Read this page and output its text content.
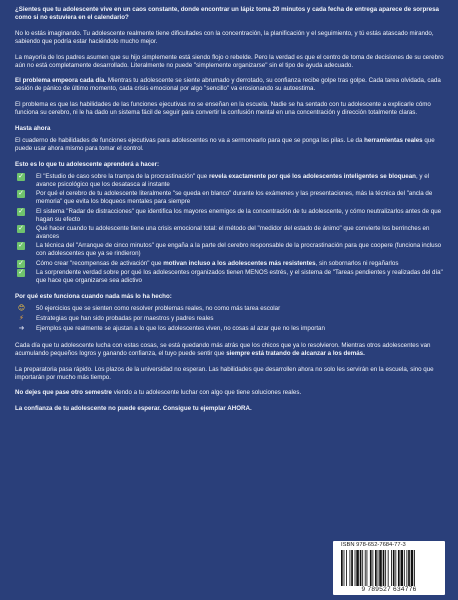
¿Sientes que tu adolescente vive en un caos constante, donde encontrar un lápiz toma 20 minutos y cada fecha de entrega aparece de sorpresa como si no estuviera en el calendario?

No lo estás imaginando. Tu adolescente realmente tiene dificultades con la concentración, la planificación y el seguimiento, y tú estás atascado mirando, sabiendo que podría estar haciéndolo mucho mejor.

La mayoría de los padres asumen que su hijo simplemente está siendo flojo o rebelde. Pero la verdad es que el centro de toma de decisiones de su cerebro aún no está completamente desarrollado. Literalmente no puede "simplemente organizarse" sin el tipo de ayuda adecuado.

El problema empeora cada día. Mientras tu adolescente se siente abrumado y derrotado, su confianza recibe golpe tras golpe. Cada tarea olvidada, cada sesión de pánico de último momento, cada crisis emocional por algo "sencillo" va erosionando su autoestima.

El problema es que las habilidades de las funciones ejecutivas no se enseñan en la escuela. Nadie se ha sentado con tu adolescente a explicarle cómo funciona su cerebro, ni le ha dado un sistema fácil de seguir para convertir la confusión mental en una concentración y dirección totalmente claras.

Hasta ahora

El cuaderno de habilidades de funciones ejecutivas para adolescentes no va a sermonearlo para que se ponga las pilas. Le da herramientas reales que puede usar ahora mismo para tomar el control.

Esto es lo que tu adolescente aprenderá a hacer:

✓ El "Estudio de caso sobre la trampa de la procrastinación" que revela exactamente por qué los adolescentes inteligentes se bloquean, y el avance psicológico que los desatasca al instante
✓ Por qué el cerebro de tu adolescente literalmente "se queda en blanco" durante los exámenes y las presentaciones, más la técnica del "ancla de memoria" que evita los bloqueos mentales para siempre
✓ El sistema "Radar de distracciones" que identifica los mayores enemigos de la concentración de tu adolescente, y cómo neutralizarlos antes de que hagan su efecto
✓ Qué hacer cuando tu adolescente tiene una crisis emocional total: el método del "medidor del estado de ánimo" que convierte los berrinches en avances
✓ La técnica del "Arranque de cinco minutos" que engaña a la parte del cerebro responsable de la procrastinación para que coopere (funciona incluso con adolescentes que ya se rindieron)
✓ Cómo crear "recompensas de activación" que motivan incluso a los adolescentes más resistentes, sin sobornarlos ni regañarlos
✓ La sorprendente verdad sobre por qué los adolescentes organizados tienen MENOS estrés, y el sistema de "Tareas pendientes y realizadas del día" que hace que organizarse sea adictivo

Por qué este funciona cuando nada más lo ha hecho:

😊 50 ejercicios que se sienten como resolver problemas reales, no como más tarea escolar
⚡	Estrategias que han sido probadas por maestros y padres reales
➜ Ejemplos que realmente se ajustan a lo que los adolescentes viven, no cosas al azar que no les importan

Cada día que tu adolescente lucha con estas cosas, se está quedando más atrás que los chicos que ya lo resolvieron. Mientras otros adolescentes van acumulando pequeños logros y ganando confianza, el tuyo puede sentir que siempre está tratando de alcanzar a los demás.

La preparatoria pasa rápido. Los plazos de la universidad no esperan. Las habilidades que desarrollen ahora no solo les servirán en la escuela, sino que importarán por mucho más tiempo.

No dejes que pase otro semestre viendo a tu adolescente luchar con algo que tiene soluciones reales.

La confianza de tu adolescente no puede esperar. Consigue tu ejemplar AHORA.

ISBN 978-652-7684-77-3
9 789527 634776
